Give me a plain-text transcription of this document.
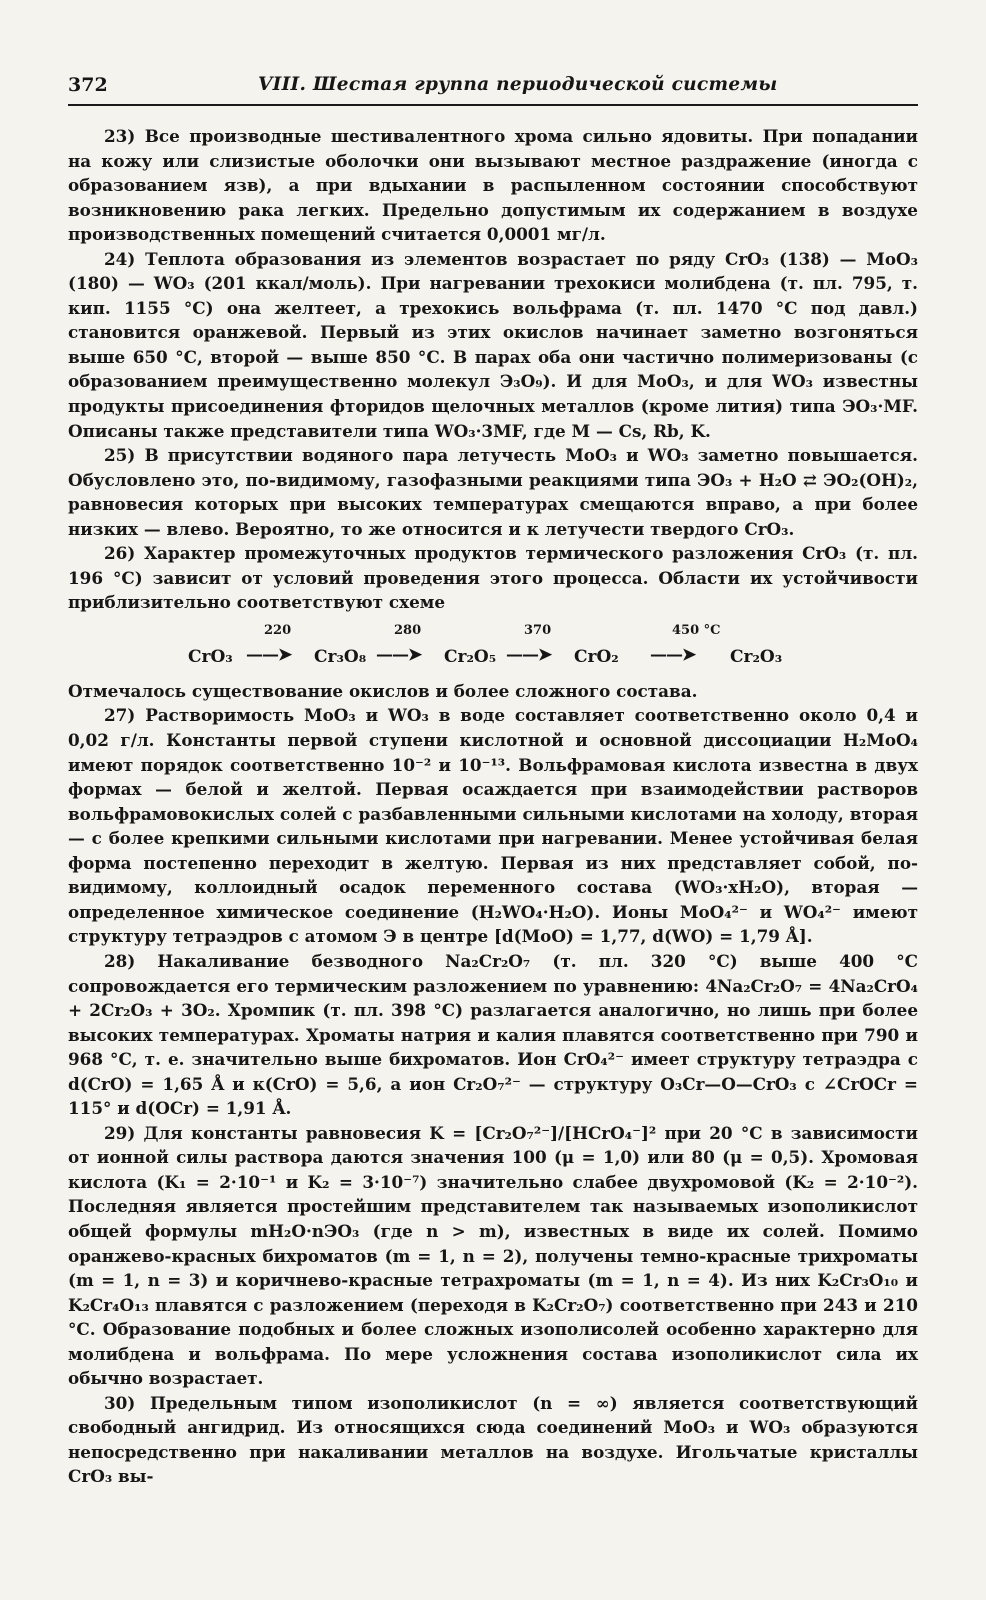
372	VIII. Шестая группа периодической системы

23) Все производные шестивалентного хрома сильно ядовиты. При попадании на кожу или слизистые оболочки они вызывают местное раздражение (иногда с образованием язв), а при вдыхании в распыленном состоянии способствуют возникновению рака легких. Предельно допустимым их содержанием в воздухе производственных помещений считается 0,0001 мг/л.

24) Теплота образования из элементов возрастает по ряду CrO₃ (138) — MoO₃ (180) — WO₃ (201 ккал/моль). При нагревании трехокиси молибдена (т. пл. 795, т. кип. 1155 °С) она желтеет, а трехокись вольфрама (т. пл. 1470 °С под давл.) становится оранжевой. Первый из этих окислов начинает заметно возгоняться выше 650 °С, второй — выше 850 °С. В парах оба они частично полимеризованы (с образованием преимущественно молекул Э₃О₉). И для MoO₃, и для WO₃ известны продукты присоединения фторидов щелочных металлов (кроме лития) типа ЭО₃·MF. Описаны также представители типа WO₃·3MF, где M — Cs, Rb, K.

25) В присутствии водяного пара летучесть MoO₃ и WO₃ заметно повышается. Обусловлено это, по-видимому, газофазными реакциями типа ЭО₃ + H₂O ⇄ ЭО₂(OH)₂, равновесия которых при высоких температурах смещаются вправо, а при более низких — влево. Вероятно, то же относится и к летучести твердого CrO₃.

26) Характер промежуточных продуктов термического разложения CrO₃ (т. пл. 196 °С) зависит от условий проведения этого процесса. Области их устойчивости приблизительно соответствуют схеме

CrO₃
220
——➤ Cr₃O₈
280
——➤ Cr₂O₅
370
——➤ CrO₂
450 °С
——➤ Cr₂O₃

Отмечалось существование окислов и более сложного состава.

27) Растворимость MoO₃ и WO₃ в воде составляет соответственно около 0,4 и 0,02 г/л. Константы первой ступени кислотной и основной диссоциации H₂MoO₄ имеют порядок соответственно 10⁻² и 10⁻¹³. Вольфрамовая кислота известна в двух формах — белой и желтой. Первая осаждается при взаимодействии растворов вольфрамовокислых солей с разбавленными сильными кислотами на холоду, вторая — с более крепкими сильными кислотами при нагревании. Менее устойчивая белая форма постепенно переходит в желтую. Первая из них представляет собой, по-видимому, коллоидный осадок переменного состава (WO₃·xH₂O), вторая — определенное химическое соединение (H₂WO₄·H₂O). Ионы MoO₄²⁻ и WO₄²⁻ имеют структуру тетраэдров с атомом Э в центре [d(MoO) = 1,77, d(WO) = 1,79 Å].

28) Накаливание безводного Na₂Cr₂O₇ (т. пл. 320 °С) выше 400 °С сопровождается его термическим разложением по уравнению: 4Na₂Cr₂O₇ = 4Na₂CrO₄ + 2Cr₂O₃ + 3O₂. Хромпик (т. пл. 398 °С) разлагается аналогично, но лишь при более высоких температурах. Хроматы натрия и калия плавятся соответственно при 790 и 968 °С, т. е. значительно выше бихроматов. Ион CrO₄²⁻ имеет структуру тетраэдра с d(CrO) = 1,65 Å и к(CrO) = 5,6, а ион Cr₂O₇²⁻ — структуру O₃Cr—O—CrO₃ с ∠CrOCr = 115° и d(OCr) = 1,91 Å.

29) Для константы равновесия K = [Cr₂O₇²⁻]/[HCrO₄⁻]² при 20 °С в зависимости от ионной силы раствора даются значения 100 (μ = 1,0) или 80 (μ = 0,5). Хромовая кислота (K₁ = 2·10⁻¹ и K₂ = 3·10⁻⁷) значительно слабее двухромовой (K₂ = 2·10⁻²). Последняя является простейшим представителем так называемых изополикислот общей формулы mH₂O·nЭО₃ (где n > m), известных в виде их солей. Помимо оранжево-красных бихроматов (m = 1, n = 2), получены темно-красные трихроматы (m = 1, n = 3) и коричнево-красные тетрахроматы (m = 1, n = 4). Из них K₂Cr₃O₁₀ и K₂Cr₄O₁₃ плавятся с разложением (переходя в K₂Cr₂O₇) соответственно при 243 и 210 °С. Образование подобных и более сложных изополисолей особенно характерно для молибдена и вольфрама. По мере усложнения состава изополикислот сила их обычно возрастает.

30) Предельным типом изополикислот (n = ∞) является соответствующий свободный ангидрид. Из относящихся сюда соединений MoO₃ и WO₃ образуются непосредственно при накаливании металлов на воздухе. Игольчатые кристаллы CrO₃ вы-
